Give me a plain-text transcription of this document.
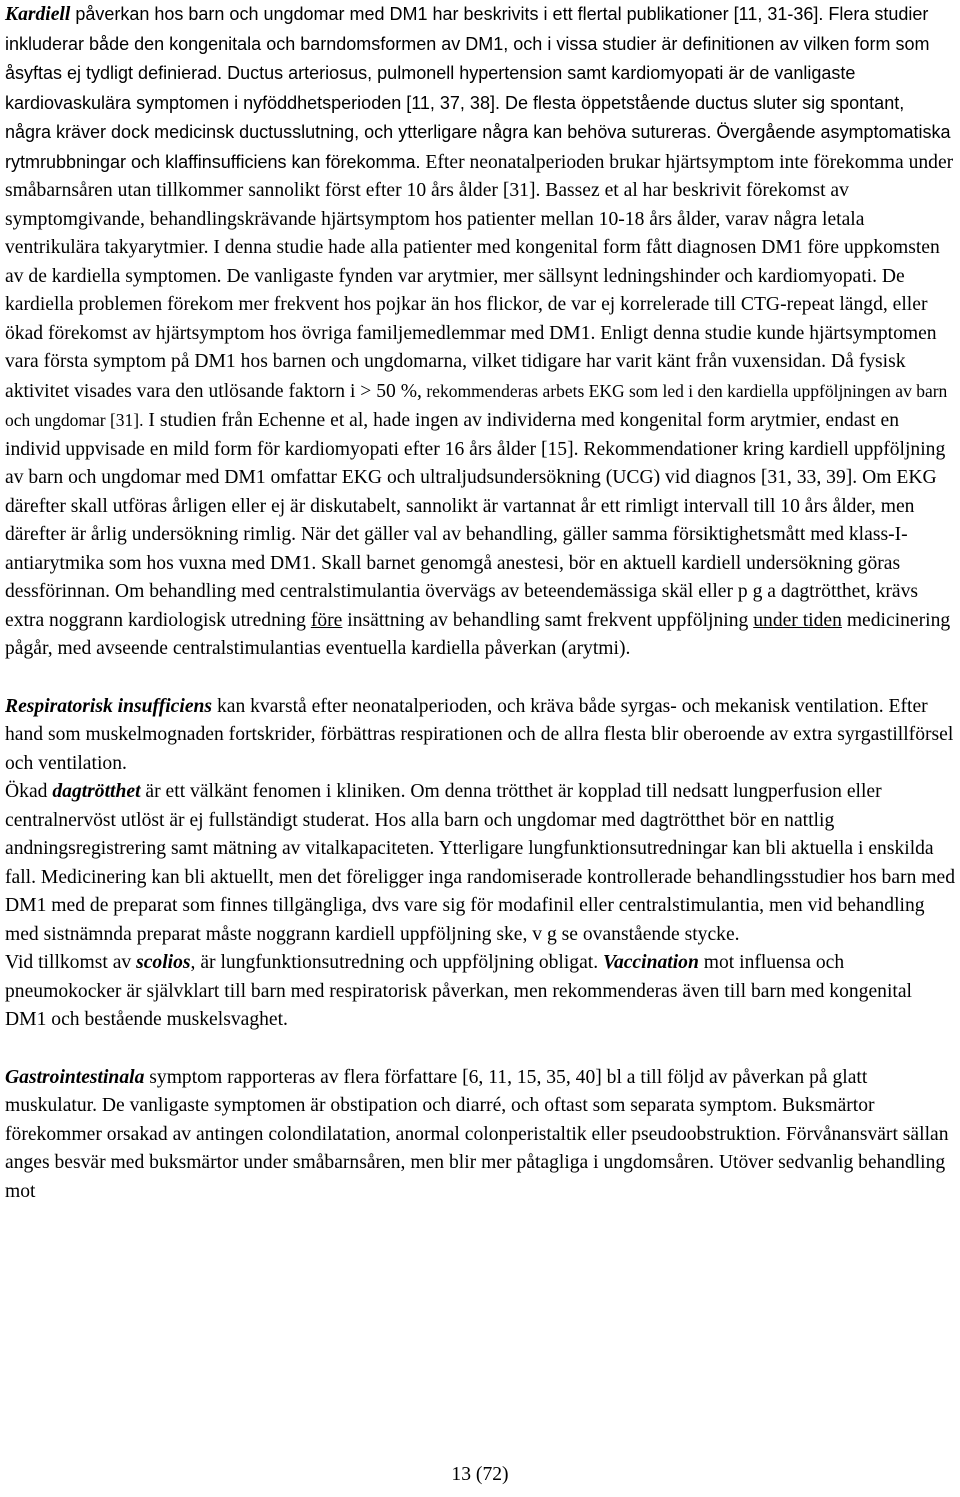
Kardiell påverkan hos barn och ungdomar med DM1 har beskrivits i ett flertal publikationer [11, 31-36]. Flera studier inkluderar både den kongenitala och barndomsformen av DM1, och i vissa studier är definitionen av vilken form som åsyftas ej tydligt definierad. Ductus arteriosus, pulmonell hypertension samt kardiomyopati är de vanligaste kardiovaskulära symptomen i nyföddhetsperioden [11, 37, 38]. De flesta öppetstående ductus sluter sig spontant, några kräver dock medicinsk ductusslutning, och ytterligare några kan behöva sutureras. Övergående asymptomatiska rytmrubbningar och klaffinsufficiens kan förekomma. Efter neonatalperioden brukar hjärtsymptom inte förekomma under småbarnsåren utan tillkommer sannolikt först efter 10 års ålder [31]. Bassez et al har beskrivit förekomst av symptomgivande, behandlingskrävande hjärtsymptom hos patienter mellan 10-18 års ålder, varav några letala ventrikulära takyarytmier. I denna studie hade alla patienter med kongenital form fått diagnosen DM1 före uppkomsten av de kardiella symptomen. De vanligaste fynden var arytmier, mer sällsynt ledningshinder och kardiomyopati. De kardiella problemen förekom mer frekvent hos pojkar än hos flickor, de var ej korrelerade till CTG-repeat längd, eller ökad förekomst av hjärtsymptom hos övriga familjemedlemmar med DM1. Enligt denna studie kunde hjärtsymptomen vara första symptom på DM1 hos barnen och ungdomarna, vilket tidigare har varit känt från vuxensidan. Då fysisk aktivitet visades vara den utlösande faktorn i > 50 %, rekommenderas arbets EKG som led i den kardiella uppföljningen av barn och ungdomar [31]. I studien från Echenne et al, hade ingen av individerna med kongenital form arytmier, endast en individ uppvisade en mild form för kardiomyopati efter 16 års ålder [15]. Rekommendationer kring kardiell uppföljning av barn och ungdomar med DM1 omfattar EKG och ultraljudsundersökning (UCG) vid diagnos [31, 33, 39]. Om EKG därefter skall utföras årligen eller ej är diskutabelt, sannolikt är vartannat år ett rimligt intervall till 10 års ålder, men därefter är årlig undersökning rimlig. När det gäller val av behandling, gäller samma försiktighetsmått med klass-I-antiarytmika som hos vuxna med DM1. Skall barnet genomgå anestesi, bör en aktuell kardiell undersökning göras dessförinnan. Om behandling med centralstimulantia övervägs av beteendemässiga skäl eller p g a dagtrötthet, krävs extra noggrann kardiologisk utredning före insättning av behandling samt frekvent uppföljning under tiden medicinering pågår, med avseende centralstimulantias eventuella kardiella påverkan (arytmi).

Respiratorisk insufficiens kan kvarstå efter neonatalperioden, och kräva både syrgas- och mekanisk ventilation. Efter hand som muskelmognaden fortskrider, förbättras respirationen och de allra flesta blir oberoende av extra syrgastillförsel och ventilation.

Ökad dagtrötthet är ett välkänt fenomen i kliniken. Om denna trötthet är kopplad till nedsatt lungperfusion eller centralnervöst utlöst är ej fullständigt studerat. Hos alla barn och ungdomar med dagtrötthet bör en nattlig andningsregistrering samt mätning av vitalkapaciteten. Ytterligare lungfunktionsutredningar kan bli aktuella i enskilda fall. Medicinering kan bli aktuellt, men det föreligger inga randomiserade kontrollerade behandlingsstudier hos barn med DM1 med de preparat som finnes tillgängliga, dvs vare sig för modafinil eller centralstimulantia, men vid behandling med sistnämnda preparat måste noggrann kardiell uppföljning ske, v g se ovanstående stycke.

Vid tillkomst av scolios, är lungfunktionsutredning och uppföljning obligat. Vaccination mot influensa och pneumokocker är självklart till barn med respiratorisk påverkan, men rekommenderas även till barn med kongenital DM1 och bestående muskelsvaghet.

Gastrointestinala symptom rapporteras av flera författare [6, 11, 15, 35, 40] bl a till följd av påverkan på glatt muskulatur. De vanligaste symptomen är obstipation och diarré, och oftast som separata symptom. Buksmärtor förekommer orsakad av antingen colondilatation, anormal colonperistaltik eller pseudoobstruktion. Förvånansvärt sällan anges besvär med buksmärtor under småbarnsåren, men blir mer påtagliga i ungdomsåren. Utöver sedvanlig behandling mot

13 (72)
